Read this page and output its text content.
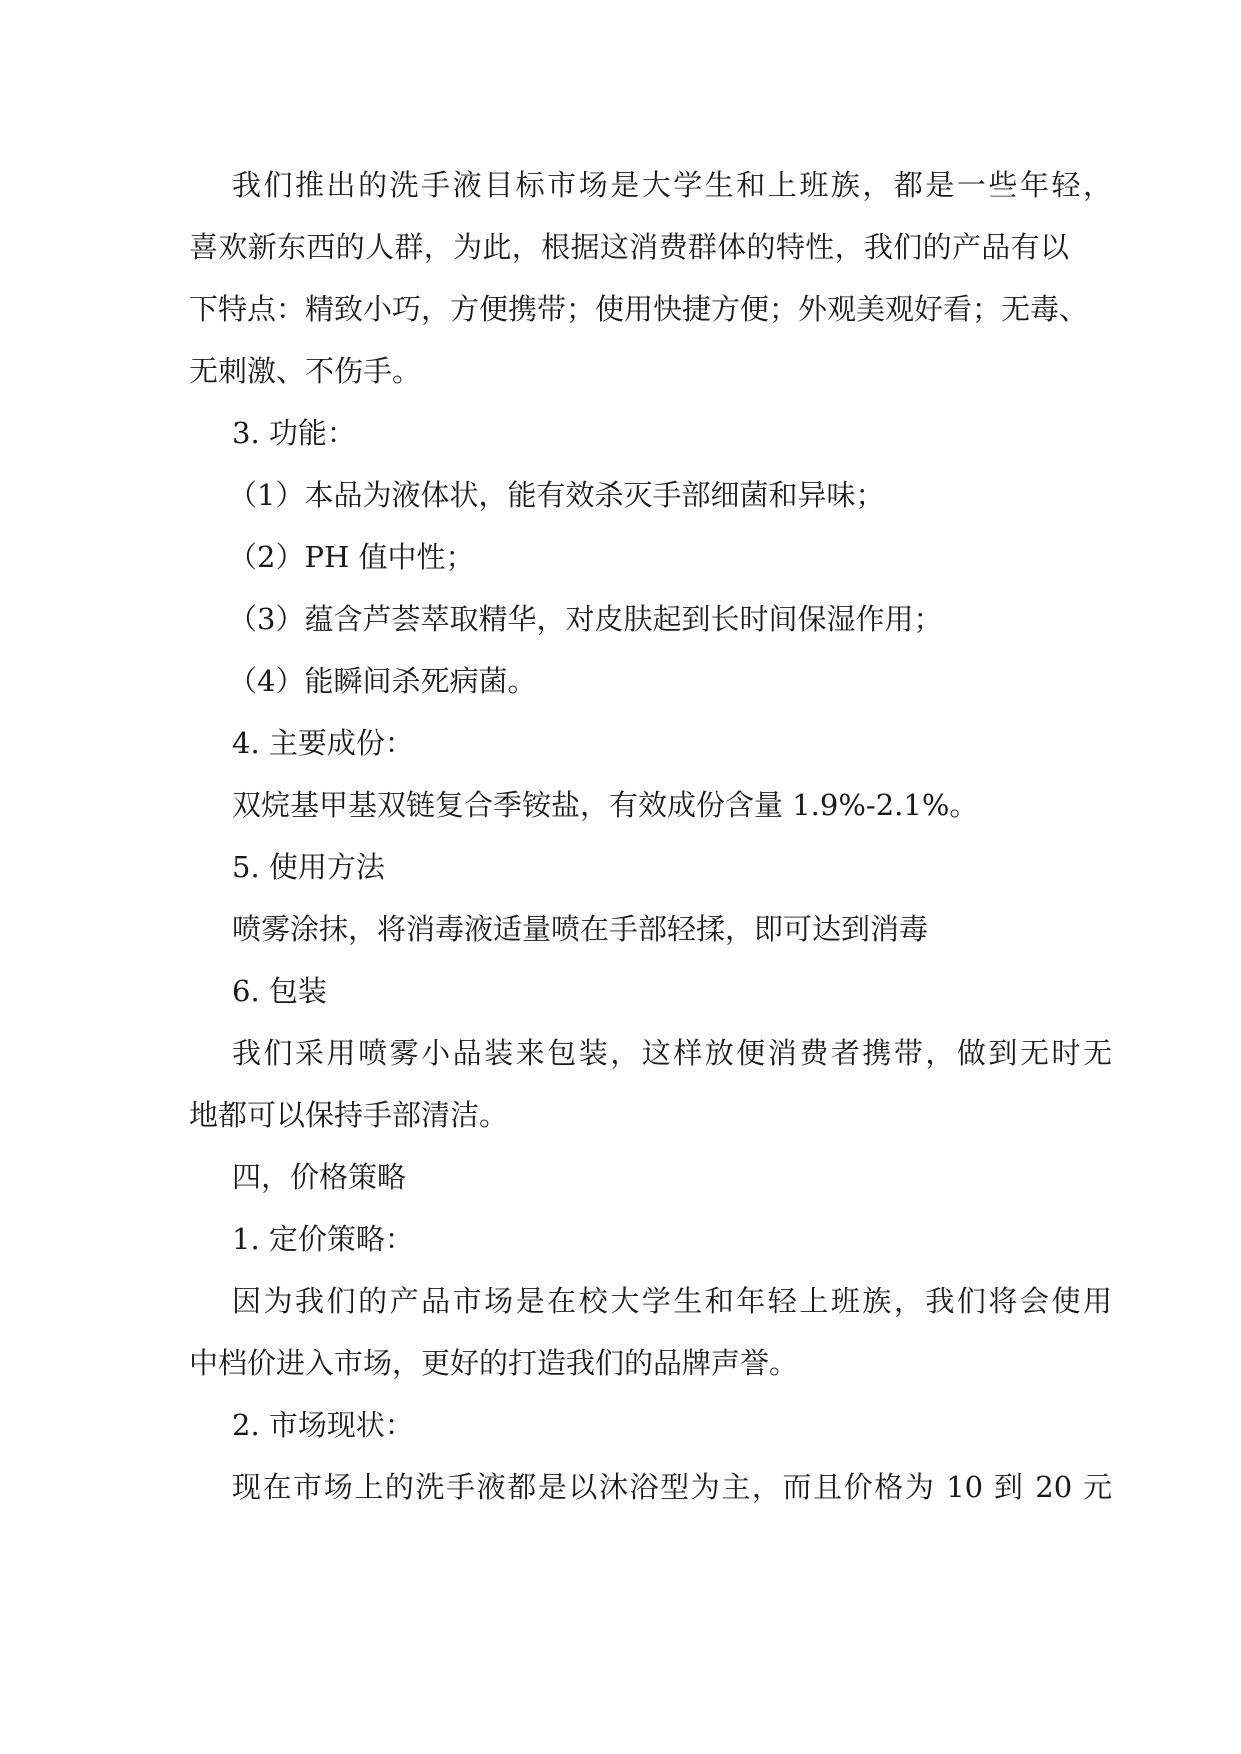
我们推出的洗手液目标市场是大学生和上班族，都是一些年轻，

喜欢新东西的人群，为此，根据这消费群体的特性，我们的产品有以

下特点：精致小巧，方便携带；使用快捷方便；外观美观好看；无毒、

无刺激、不伤手。

3. 功能：

（1）本品为液体状，能有效杀灭手部细菌和异味；

（2）PH 值中性；

（3）蕴含芦荟萃取精华，对皮肤起到长时间保湿作用；

（4）能瞬间杀死病菌。

4. 主要成份：

双烷基甲基双链复合季铵盐，有效成份含量 1.9%-2.1%。

5. 使用方法

喷雾涂抹，将消毒液适量喷在手部轻揉，即可达到消毒

6. 包装

我们采用喷雾小品装来包装，这样放便消费者携带，做到无时无

地都可以保持手部清洁。

四，价格策略

1. 定价策略：

因为我们的产品市场是在校大学生和年轻上班族，我们将会使用

中档价进入市场，更好的打造我们的品牌声誉。

2. 市场现状：

现在市场上的洗手液都是以沐浴型为主，而且价格为 10 到 20 元
